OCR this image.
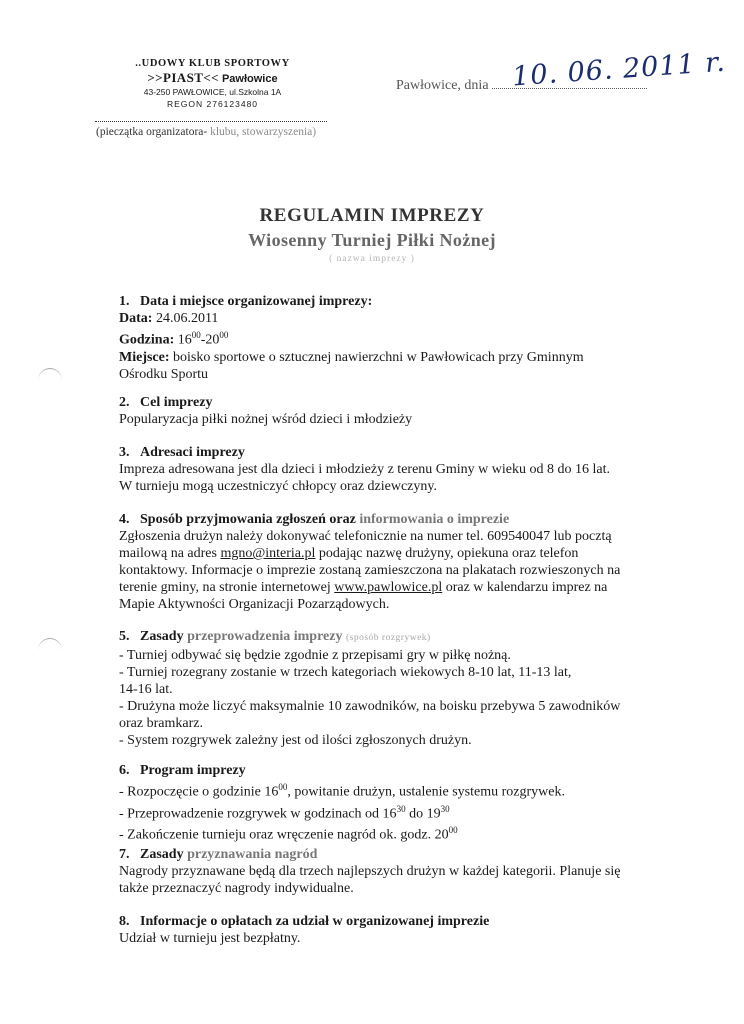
..UDOWY KLUB SPORTOWY
>>PIAST<< Pawłowice
43-250 PAWŁOWICE, ul.Szkolna 1A
REGON 276123480
(pieczątka organizatora- klubu, stowarzyszenia)
Pawłowice, dnia 10. 06. 2011 r.
REGULAMIN IMPREZY
Wiosenny Turniej Piłki Nożnej
( nazwa imprezy )
1. Data i miejsce organizowanej imprezy:
Data: 24.06.2011
Godzina: $16^{00}-20^{00}$
Miejsce: boisko sportowe o sztucznej nawierzchni w Pawłowicach przy Gminnym
Ośrodku Sportu
2. Cel imprezy
Popularyzacja piłki nożnej wśród dzieci i młodzieży
3. Adresaci imprezy
Impreza adresowana jest dla dzieci i młodzieży z terenu Gminy w wieku od 8 do 16 lat.
W turnieju mogą uczestniczyć chłopcy oraz dziewczyny.
4. Sposób przyjmowania zgłoszeń oraz informowania o imprezie
Zgłoszenia drużyn należy dokonywać telefonicznie na numer tel. 609540047 lub pocztą
mailową na adres mgno@interia.pl podając nazwę drużyny, opiekuna oraz telefon
kontaktowy. Informacje o imprezie zostaną zamieszczona na plakatach rozwieszonych na
terenie gminy, na stronie internetowej www.pawlowice.pl oraz w kalendarzu imprez na
Mapie Aktywności Organizacji Pozarządowych.
5. Zasady przeprowadzenia imprezy (sposób rozgrywek)
- Turniej odbywać się będzie zgodnie z przepisami gry w piłkę nożną.
- Turniej rozegrany zostanie w trzech kategoriach wiekowych 8-10 lat, 11-13 lat,
14-16 lat.
- Drużyna może liczyć maksymalnie 10 zawodników, na boisku przebywa 5 zawodników
oraz bramkarz.
- System rozgrywek zależny jest od ilości zgłoszonych drużyn.
6. Program imprezy
- Rozpoczęcie o godzinie $16^{00}$, powitanie drużyn, ustalenie systemu rozgrywek.
- Przeprowadzenie rozgrywek w godzinach od $16^{30}$ do $19^{30}$
- Zakończenie turnieju oraz wręczenie nagród ok. godz. $20^{00}$
7. Zasady przyznawania nagród
Nagrody przyznawane będą dla trzech najlepszych drużyn w każdej kategorii. Planuje się
także przeznaczyć nagrody indywidualne.
8. Informacje o opłatach za udział w organizowanej imprezie
Udział w turnieju jest bezpłatny.
